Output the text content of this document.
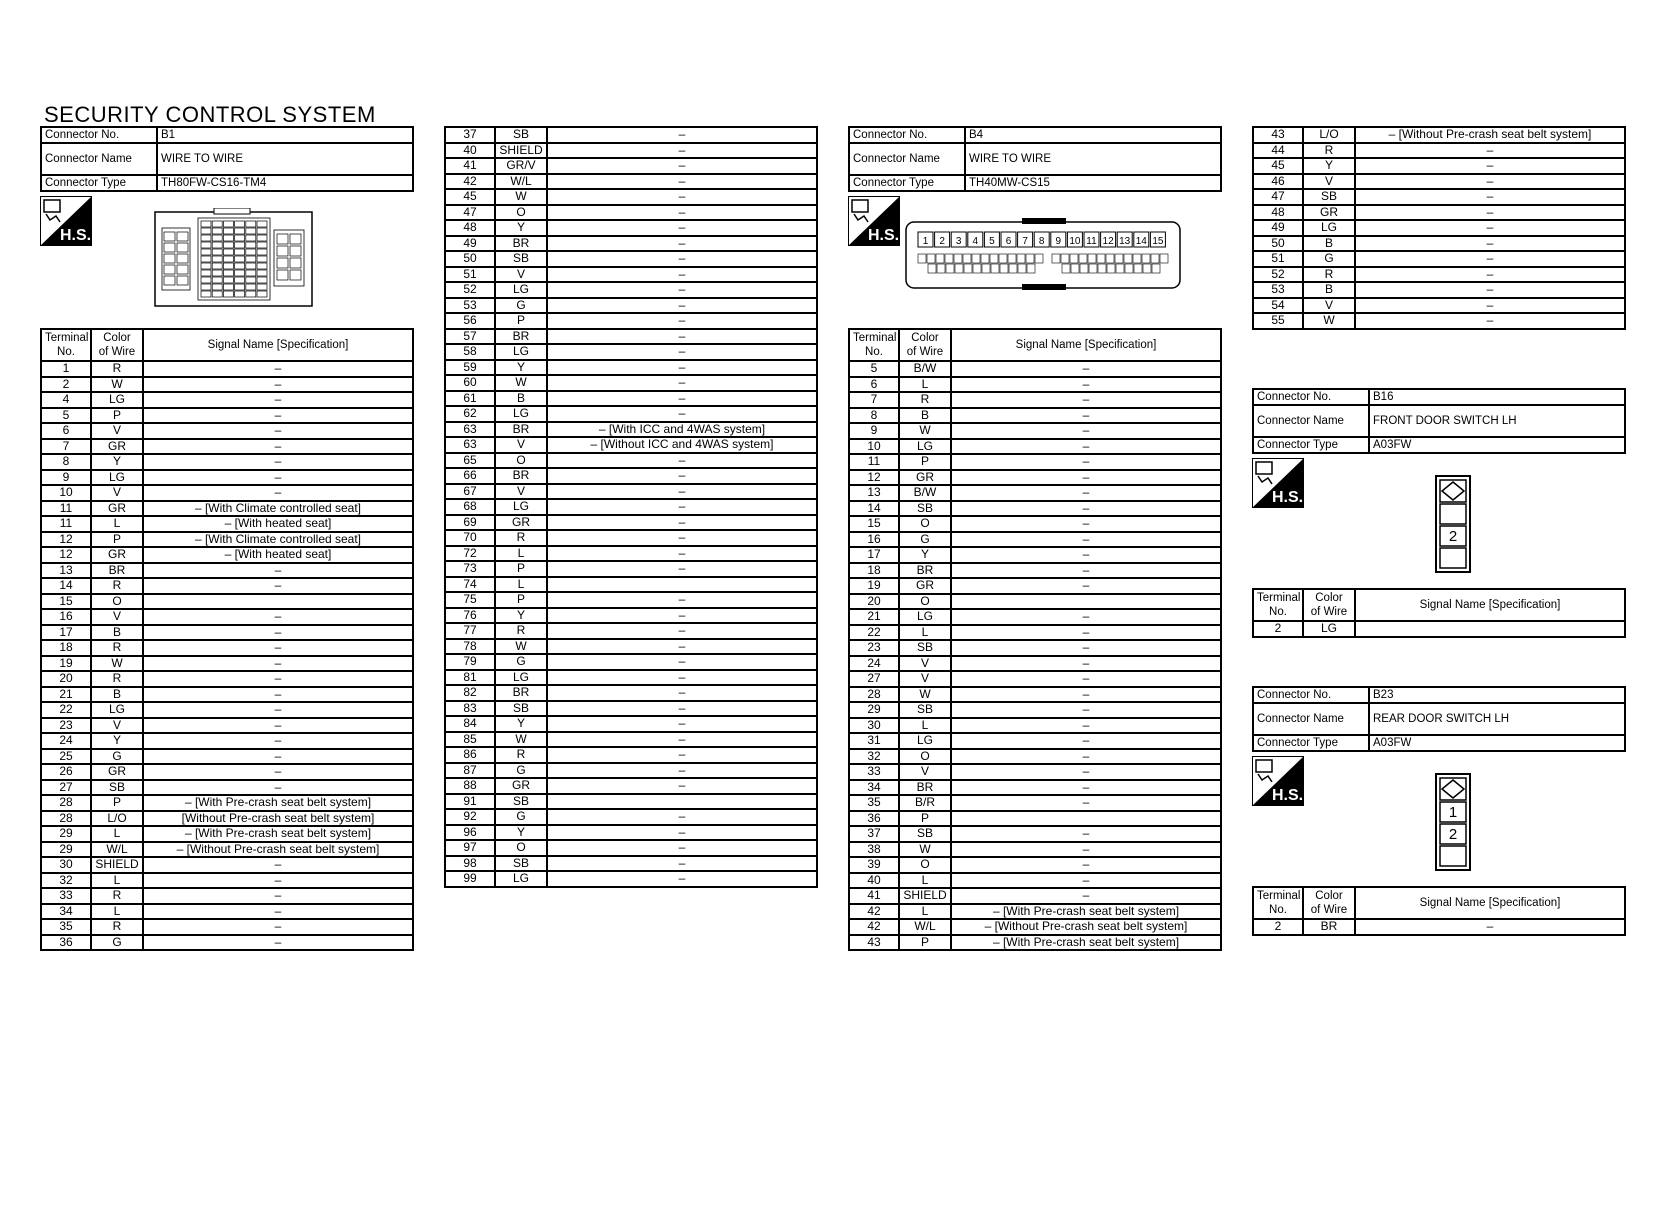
SECURITY CONTROL SYSTEM
Connector No.	B1
Connector Name	WIRE TO WIRE
Connector Type	TH80FW-CS16-TM4
H.S.
Terminal
No.	Color
of Wire	Signal Name [Specification]
1	R	–
2	W	–
4	LG	–
5	P	–
6	V	–
7	GR	–
8	Y	–
9	LG	–
10	V	–
11	GR	– [With Climate controlled seat]
11	L	– [With heated seat]
12	P	– [With Climate controlled seat]
12	GR	– [With heated seat]
13	BR	–
14	R	–
15	O	
16	V	–
17	B	–
18	R	–
19	W	–
20	R	–
21	B	–
22	LG	–
23	V	–
24	Y	–
25	G	–
26	GR	–
27	SB	–
28	P	– [With Pre-crash seat belt system]
28	L/O	[Without Pre-crash seat belt system]
29	L	– [With Pre-crash seat belt system]
29	W/L	– [Without Pre-crash seat belt system]
30	SHIELD	–
32	L	–
33	R	–
34	L	–
35	R	–
36	G	–
37	SB	–
40	SHIELD	–
41	GR/V	–
42	W/L	–
45	W	–
47	O	–
48	Y	–
49	BR	–
50	SB	–
51	V	–
52	LG	–
53	G	–
56	P	–
57	BR	–
58	LG	–
59	Y	–
60	W	–
61	B	–
62	LG	–
63	BR	– [With ICC and 4WAS system]
63	V	– [Without ICC and 4WAS system]
65	O	–
66	BR	–
67	V	–
68	LG	–
69	GR	–
70	R	–
72	L	–
73	P	–
74	L	
75	P	–
76	Y	–
77	R	–
78	W	–
79	G	–
81	LG	–
82	BR	–
83	SB	–
84	Y	–
85	W	–
86	R	–
87	G	–
88	GR	–
91	SB	
92	G	–
96	Y	–
97	O	–
98	SB	–
99	LG	–
Connector No.	B4
Connector Name	WIRE TO WIRE
Connector Type	TH40MW-CS15
H.S. 1 2 3 4 5 6 7 8 9 10 11 12 13 14 15
Terminal
No.	Color
of Wire	Signal Name [Specification]
5	B/W	–
6	L	–
7	R	–
8	B	–
9	W	–
10	LG	–
11	P	–
12	GR	–
13	B/W	–
14	SB	–
15	O	–
16	G	–
17	Y	–
18	BR	–
19	GR	–
20	O	
21	LG	–
22	L	–
23	SB	–
24	V	–
27	V	–
28	W	–
29	SB	–
30	L	–
31	LG	–
32	O	–
33	V	–
34	BR	–
35	B/R	–
36	P	
37	SB	–
38	W	–
39	O	–
40	L	–
41	SHIELD	–
42	L	– [With Pre-crash seat belt system]
42	W/L	– [Without Pre-crash seat belt system]
43	P	– [With Pre-crash seat belt system]
43	L/O	– [Without Pre-crash seat belt system]
44	R	–
45	Y	–
46	V	–
47	SB	–
48	GR	–
49	LG	–
50	B	–
51	G	–
52	R	–
53	B	–
54	V	–
55	W	–
Connector No.	B16
Connector Name	FRONT DOOR SWITCH LH
Connector Type	A03FW
H.S.
2
Terminal
No.	Color
of Wire	Signal Name [Specification]
2	LG	
Connector No.	B23
Connector Name	REAR DOOR SWITCH LH
Connector Type	A03FW
H.S.
1
2
Terminal
No.	Color
of Wire	Signal Name [Specification]
2	BR	–
